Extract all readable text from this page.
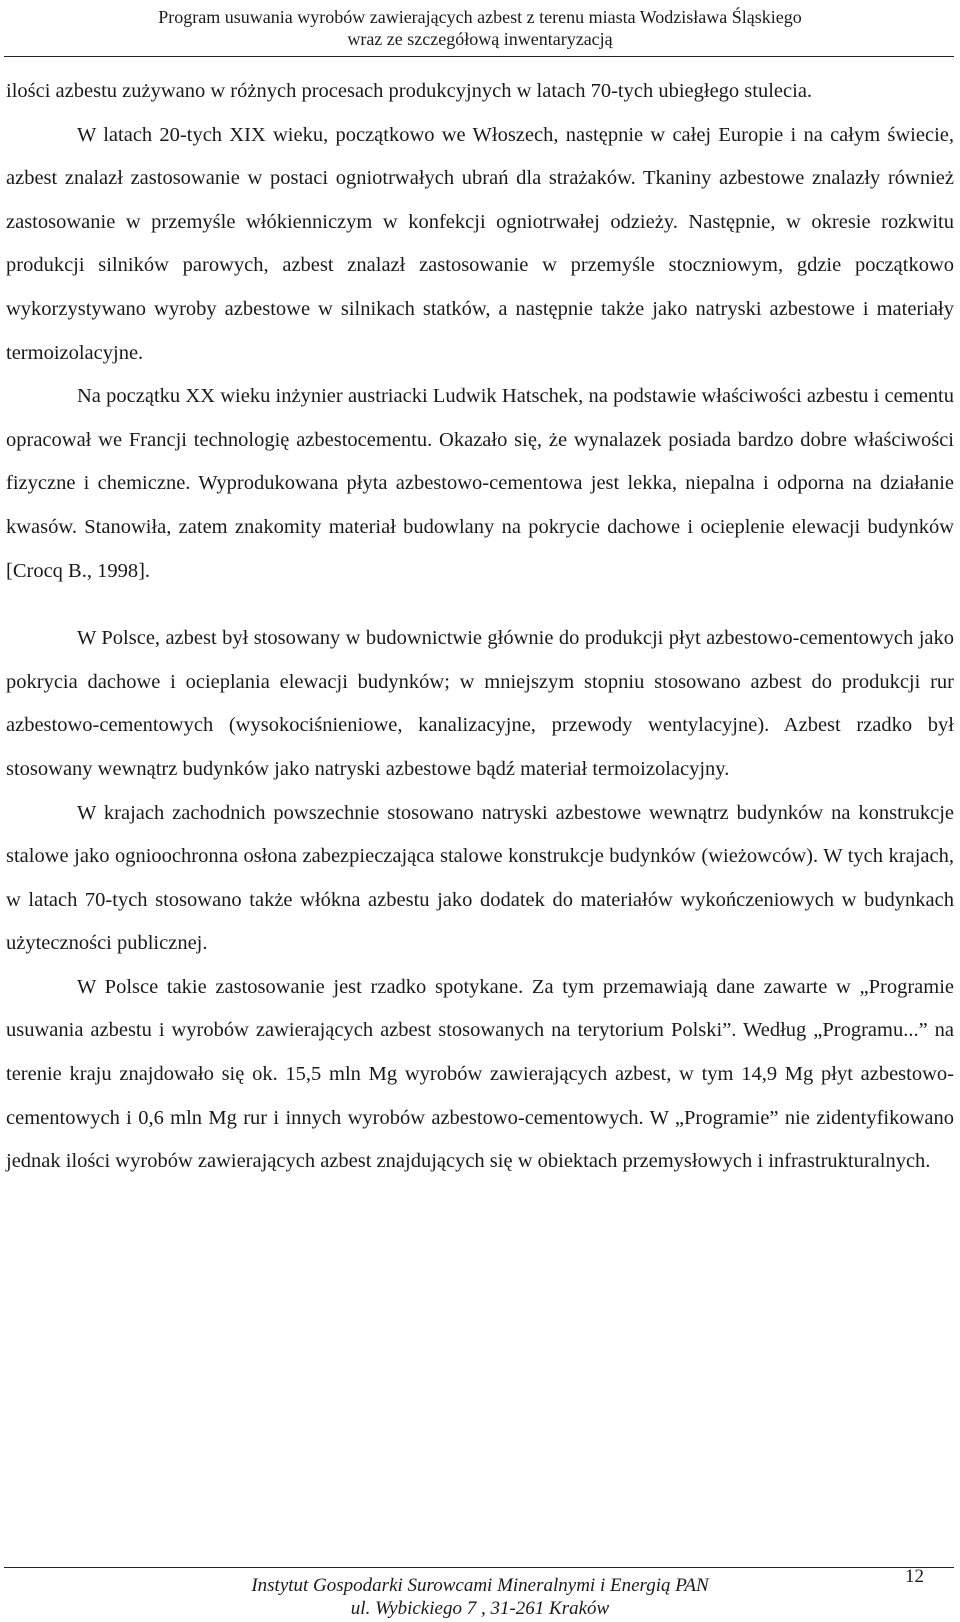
Program usuwania wyrobów zawierających azbest z terenu miasta Wodzisława Śląskiego
wraz ze szczegółową inwentaryzacją

ilości azbestu zużywano w różnych procesach produkcyjnych w latach 70-tych ubiegłego stulecia.

W latach 20-tych XIX wieku, początkowo we Włoszech, następnie w całej Europie i na całym świecie, azbest znalazł zastosowanie w postaci ogniotrwałych ubrań dla strażaków. Tkaniny azbestowe znalazły również zastosowanie w przemyśle włókienniczym w konfekcji ogniotrwałej odzieży. Następnie, w okresie rozkwitu produkcji silników parowych, azbest znalazł zastosowanie w przemyśle stoczniowym, gdzie początkowo wykorzystywano wyroby azbestowe w silnikach statków, a następnie także jako natryski azbestowe i materiały termoizolacyjne.

Na początku XX wieku inżynier austriacki Ludwik Hatschek, na podstawie właściwości azbestu i cementu opracował we Francji technologię azbestocementu. Okazało się, że wynalazek posiada bardzo dobre właściwości fizyczne i chemiczne. Wyprodukowana płyta azbestowo-cementowa jest lekka, niepalna i odporna na działanie kwasów. Stanowiła, zatem znakomity materiał budowlany na pokrycie dachowe i ocieplenie elewacji budynków [Crocq B., 1998].

W Polsce, azbest był stosowany w budownictwie głównie do produkcji płyt azbestowo-cementowych jako pokrycia dachowe i ocieplania elewacji budynków; w mniejszym stopniu stosowano azbest do produkcji rur azbestowo-cementowych (wysokociśnieniowe, kanalizacyjne, przewody wentylacyjne). Azbest rzadko był stosowany wewnątrz budynków jako natryski azbestowe bądź materiał termoizolacyjny.

W krajach zachodnich powszechnie stosowano natryski azbestowe wewnątrz budynków na konstrukcje stalowe jako ognioochronna osłona zabezpieczająca stalowe konstrukcje budynków (wieżowców). W tych krajach, w latach 70-tych stosowano także włókna azbestu jako dodatek do materiałów wykończeniowych w budynkach użyteczności publicznej.

W Polsce takie zastosowanie jest rzadko spotykane. Za tym przemawiają dane zawarte w „Programie usuwania azbestu i wyrobów zawierających azbest stosowanych na terytorium Polski”. Według „Programu...” na terenie kraju znajdowało się ok. 15,5 mln Mg wyrobów zawierających azbest, w tym 14,9 Mg płyt azbestowo-cementowych i 0,6 mln Mg rur i innych wyrobów azbestowo-cementowych. W „Programie” nie zidentyfikowano jednak ilości wyrobów zawierających azbest znajdujących się w obiektach przemysłowych i infrastrukturalnych.

Instytut Gospodarki Surowcami Mineralnymi i Energią PAN
ul. Wybickiego 7 , 31-261 Kraków
12
